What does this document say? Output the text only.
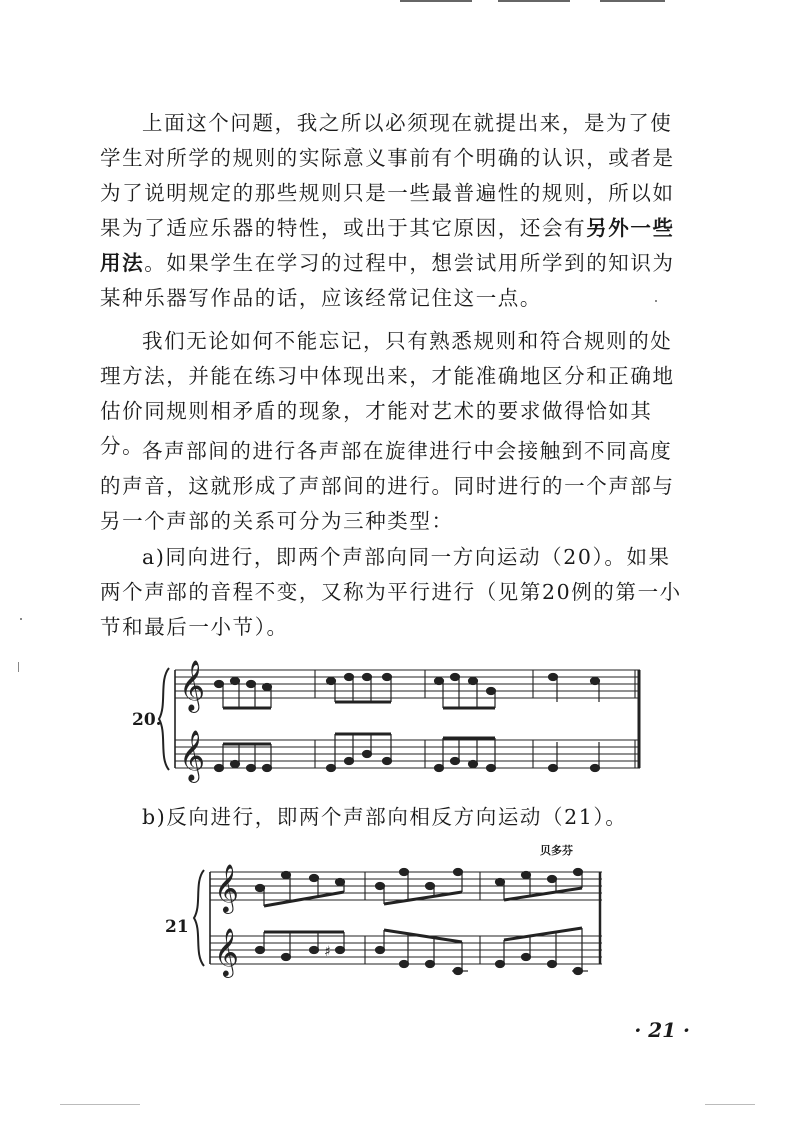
上面这个问题，我之所以必须现在就提出来，是为了使学生对所学的规则的实际意义事前有个明确的认识，或者是为了说明规定的那些规则只是一些最普遍性的规则，所以如果为了适应乐器的特性，或出于其它原因，还会有另外一些用法。如果学生在学习的过程中，想尝试用所学到的知识为某种乐器写作品的话，应该经常记住这一点。

我们无论如何不能忘记，只有熟悉规则和符合规则的处理方法，并能在练习中体现出来，才能准确地区分和正确地估价同规则相矛盾的现象，才能对艺术的要求做得恰如其分。

各声部间的进行各声部在旋律进行中会接触到不同高度的声音，这就形成了声部间的进行。同时进行的一个声部与另一个声部的关系可分为三种类型：

a)同向进行，即两个声部向同一方向运动（20）。如果两个声部的音程不变，又称为平行进行（见第20例的第一小节和最后一小节）。

20.
𝄞
𝄞

b)反向进行，即两个声部向相反方向运动（21）。

贝多芬
21
𝄞
𝄞	♯
· 21 ·
